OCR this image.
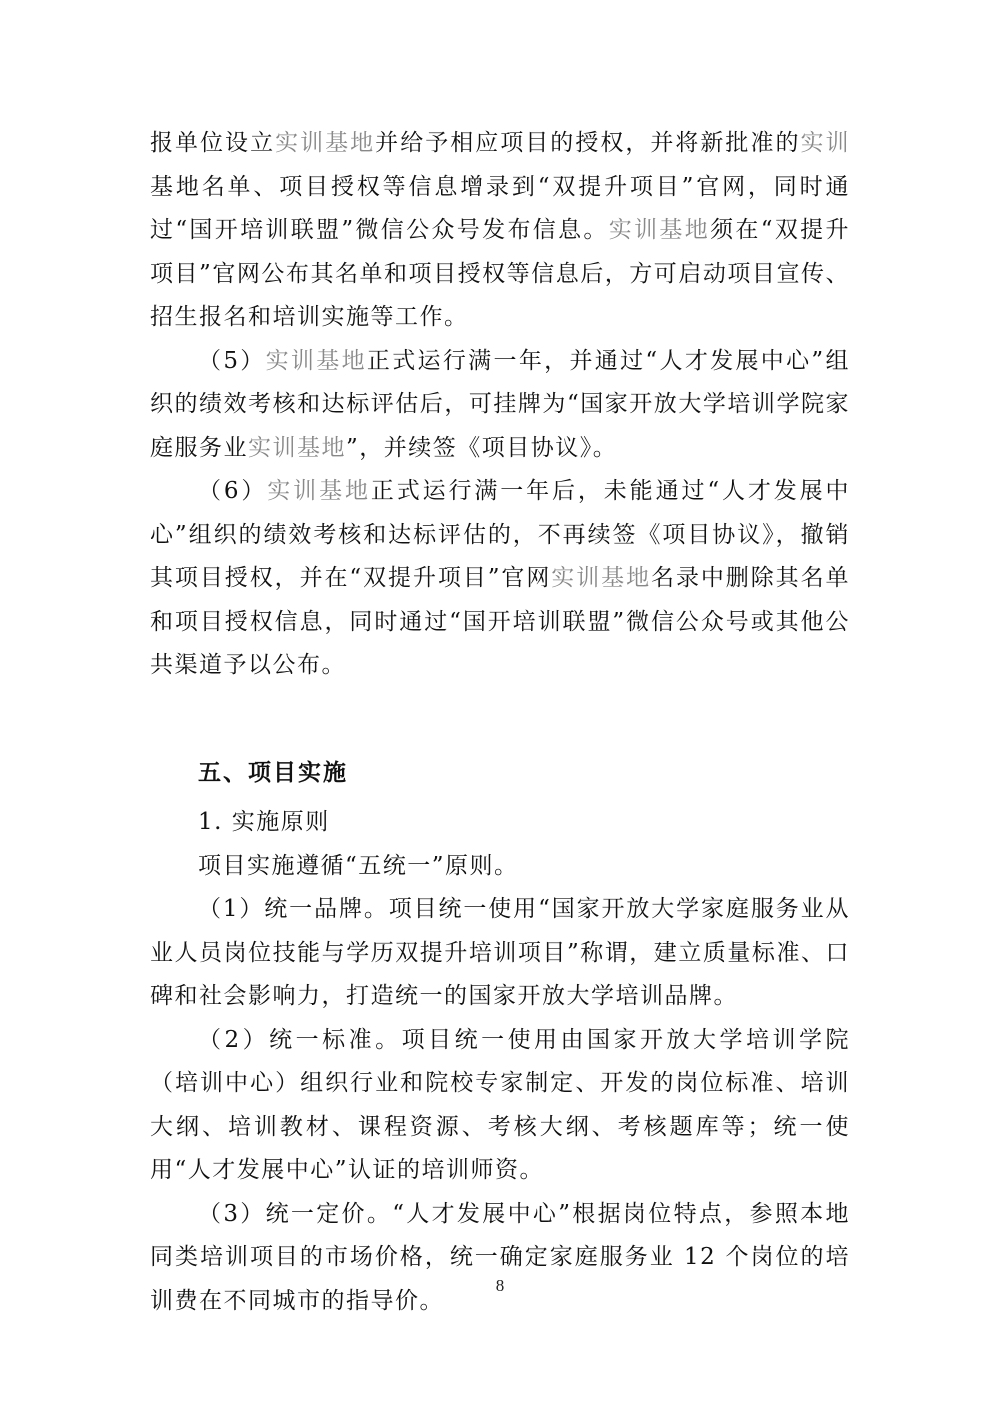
报单位设立实训基地并给予相应项目的授权，并将新批准的实训基地名单、项目授权等信息增录到“双提升项目”官网，同时通过“国开培训联盟”微信公众号发布信息。实训基地须在“双提升项目”官网公布其名单和项目授权等信息后，方可启动项目宣传、招生报名和培训实施等工作。

（5）实训基地正式运行满一年，并通过“人才发展中心”组织的绩效考核和达标评估后，可挂牌为“国家开放大学培训学院家庭服务业实训基地”，并续签《项目协议》。

（6）实训基地正式运行满一年后，未能通过“人才发展中心”组织的绩效考核和达标评估的，不再续签《项目协议》，撤销其项目授权，并在“双提升项目”官网实训基地名录中删除其名单和项目授权信息，同时通过“国开培训联盟”微信公众号或其他公共渠道予以公布。

五、项目实施

1. 实施原则

项目实施遵循“五统一”原则。

（1）统一品牌。项目统一使用“国家开放大学家庭服务业从业人员岗位技能与学历双提升培训项目”称谓，建立质量标准、口碑和社会影响力，打造统一的国家开放大学培训品牌。

（2）统一标准。项目统一使用由国家开放大学培训学院（培训中心）组织行业和院校专家制定、开发的岗位标准、培训大纲、培训教材、课程资源、考核大纲、考核题库等；统一使用“人才发展中心”认证的培训师资。

（3）统一定价。“人才发展中心”根据岗位特点，参照本地同类培训项目的市场价格，统一确定家庭服务业 12 个岗位的培训费在不同城市的指导价。

8
